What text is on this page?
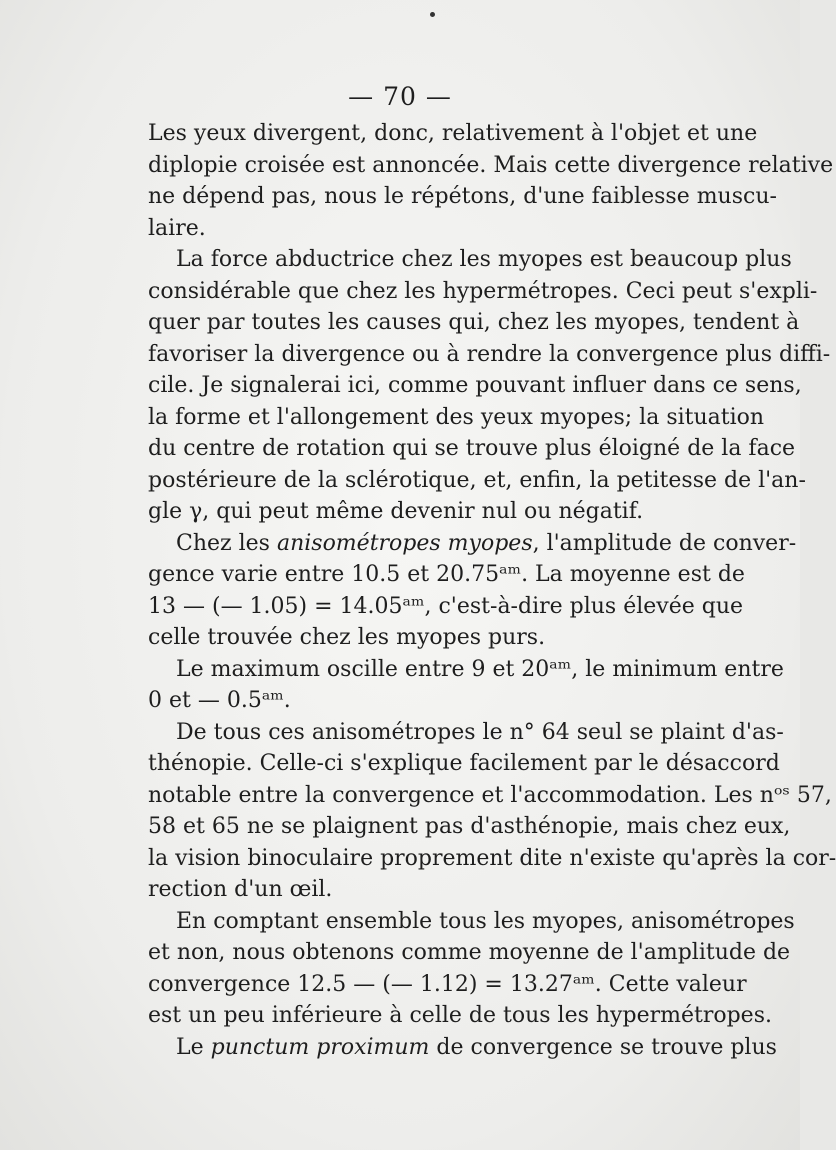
— 70 —
Les yeux divergent, donc, relativement à l'objet et une
diplopie croisée est annoncée. Mais cette divergence relative
ne dépend pas, nous le répétons, d'une faiblesse muscu-
laire.
La force abductrice chez les myopes est beaucoup plus
considérable que chez les hypermétropes. Ceci peut s'expli-
quer par toutes les causes qui, chez les myopes, tendent à
favoriser la divergence ou à rendre la convergence plus diffi-
cile. Je signalerai ici, comme pouvant influer dans ce sens,
la forme et l'allongement des yeux myopes; la situation
du centre de rotation qui se trouve plus éloigné de la face
postérieure de la sclérotique, et, enfin, la petitesse de l'an-
gle γ, qui peut même devenir nul ou négatif.
Chez les anisométropes myopes, l'amplitude de conver-
gence varie entre 10.5 et 20.75ᵃᵐ. La moyenne est de
13 — (— 1.05) = 14.05ᵃᵐ, c'est-à-dire plus élevée que
celle trouvée chez les myopes purs.
Le maximum oscille entre 9 et 20ᵃᵐ, le minimum entre
0 et — 0.5ᵃᵐ.
De tous ces anisométropes le n° 64 seul se plaint d'as-
thénopie. Celle-ci s'explique facilement par le désaccord
notable entre la convergence et l'accommodation. Les nᵒˢ 57,
58 et 65 ne se plaignent pas d'asthénopie, mais chez eux,
la vision binoculaire proprement dite n'existe qu'après la cor-
rection d'un œil.
En comptant ensemble tous les myopes, anisométropes
et non, nous obtenons comme moyenne de l'amplitude de
convergence 12.5 — (— 1.12) = 13.27ᵃᵐ. Cette valeur
est un peu inférieure à celle de tous les hypermétropes.
Le punctum proximum de convergence se trouve plus
